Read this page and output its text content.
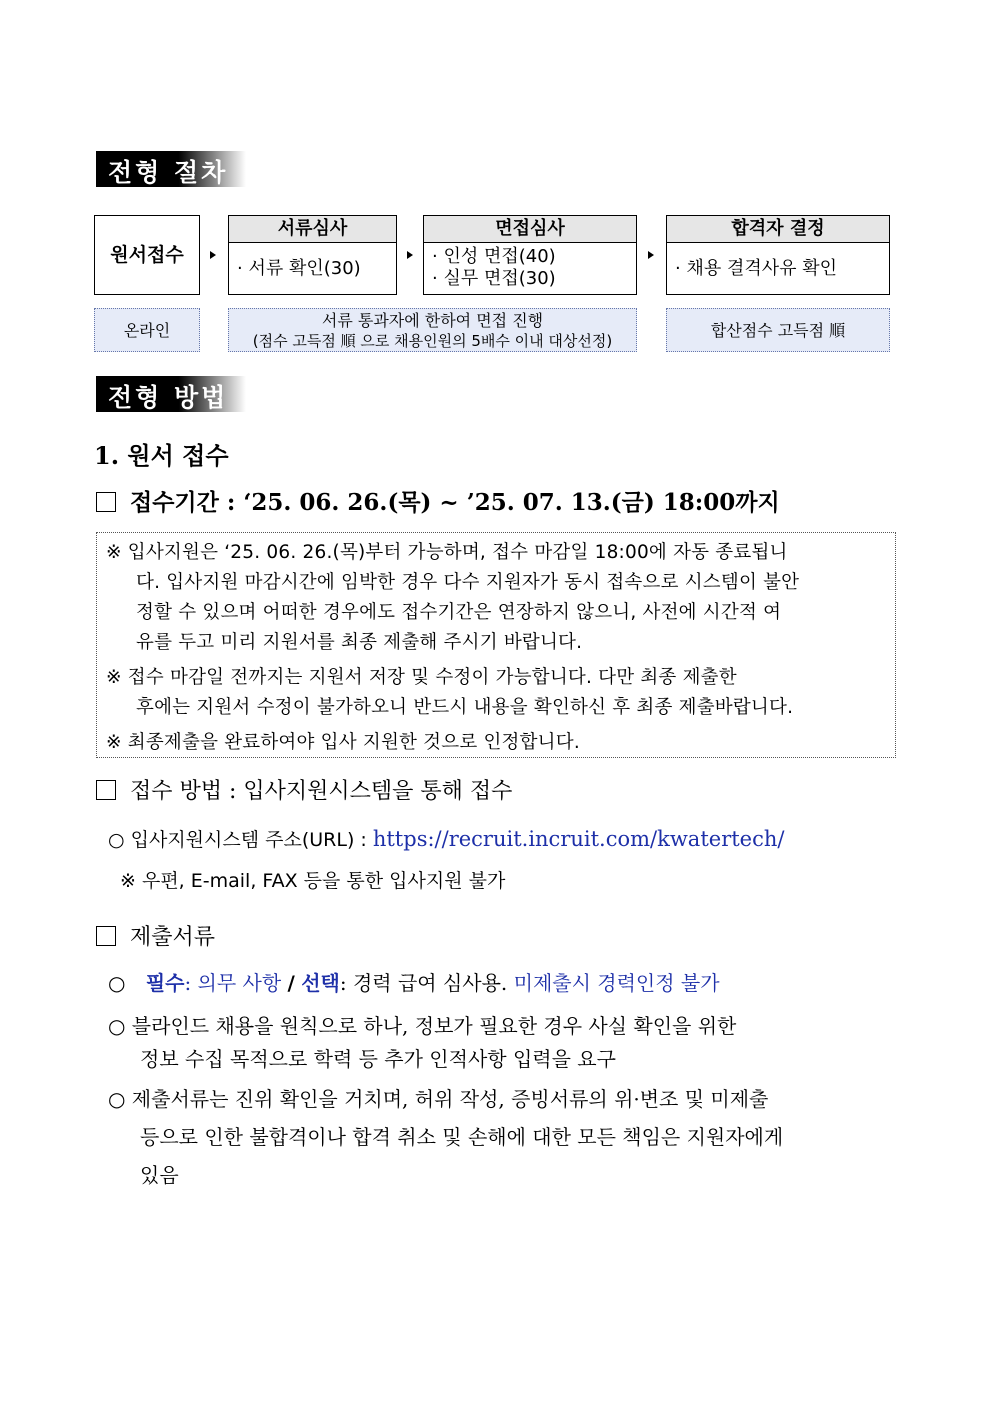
전형 절차
원서접수
서류심사
· 서류 확인(30)
면접심사
· 인성 면접(40)
· 실무 면접(30)
합격자 결정
· 채용 결격사유 확인
온라인
서류 통과자에 한하여 면접 진행
(점수 고득점 順 으로 채용인원의 5배수 이내 대상선정)
합산점수 고득점 順
전형 방법
1. 원서 접수
접수기간 : ‘25. 06. 26.(목) ~ ’25. 07. 13.(금) 18:00까지
※ 입사지원은 ‘25. 06. 26.(목)부터 가능하며, 접수 마감일 18:00에 자동 종료됩니
다. 입사지원 마감시간에 임박한 경우 다수 지원자가 동시 접속으로 시스템이 불안
정할 수 있으며 어떠한 경우에도 접수기간은 연장하지 않으니, 사전에 시간적 여
유를 두고 미리 지원서를 최종 제출해 주시기 바랍니다.
※ 접수 마감일 전까지는 지원서 저장 및 수정이 가능합니다. 다만 최종 제출한
후에는 지원서 수정이 불가하오니 반드시 내용을 확인하신 후 최종 제출바랍니다.
※ 최종제출을 완료하여야 입사 지원한 것으로 인정합니다.
접수 방법 : 입사지원시스템을 통해 접수
○ 입사지원시스템 주소(URL) : https://recruit.incruit.com/kwatertech/
※ 우편, E-mail, FAX 등을 통한 입사지원 불가
제출서류
○ 필수: 의무 사항 / 선택: 경력 급여 심사용. 미제출시 경력인정 불가
○ 블라인드 채용을 원칙으로 하나, 정보가 필요한 경우 사실 확인을 위한
정보 수집 목적으로 학력 등 추가 인적사항 입력을 요구
○ 제출서류는 진위 확인을 거치며, 허위 작성, 증빙서류의 위·변조 및 미제출
등으로 인한 불합격이나 합격 취소 및 손해에 대한 모든 책임은 지원자에게
있음
